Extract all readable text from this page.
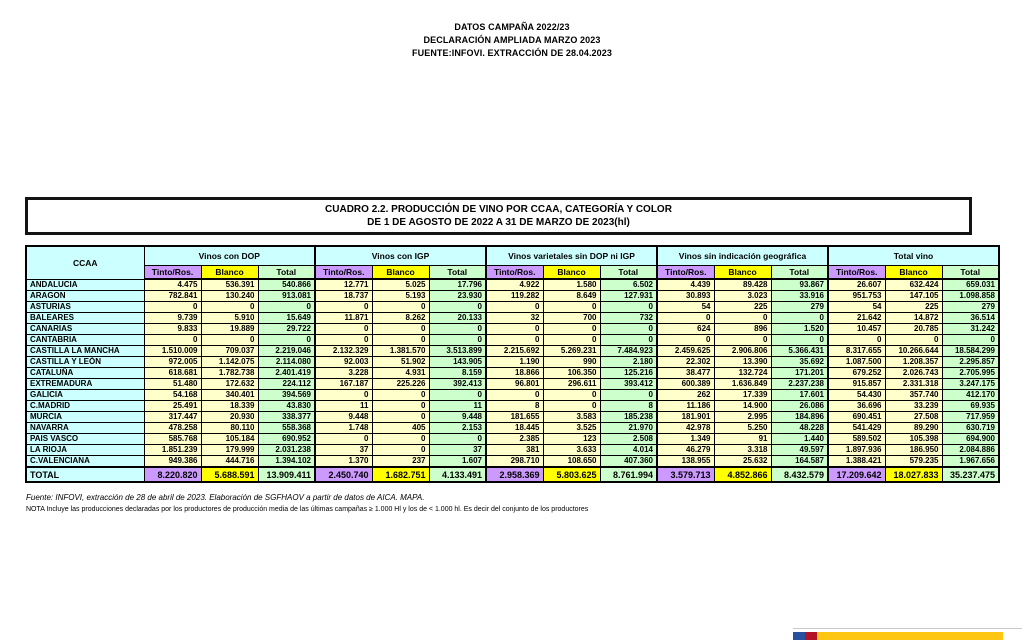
DATOS CAMPAÑA 2022/23
DECLARACIÓN AMPLIADA MARZO 2023
FUENTE:INFOVI. EXTRACCIÓN DE 28.04.2023
CUADRO 2.2. PRODUCCIÓN DE VINO POR CCAA, CATEGORÍA Y COLOR
DE 1 DE AGOSTO DE 2022 A 31 DE MARZO DE 2023(hl)
CCAA	Vinos con DOP			Vinos con IGP			Vinos varietales sin DOP ni IGP			Vinos sin indicación geográfica			Total vino		
	Tinto/Ros.	Blanco	Total	Tinto/Ros.	Blanco	Total	Tinto/Ros.	Blanco	Total	Tinto/Ros.	Blanco	Total	Tinto/Ros.	Blanco	Total
ANDALUCIA	4.475	536.391	540.866	12.771	5.025	17.796	4.922	1.580	6.502	4.439	89.428	93.867	26.607	632.424	659.031
ARAGON	782.841	130.240	913.081	18.737	5.193	23.930	119.282	8.649	127.931	30.893	3.023	33.916	951.753	147.105	1.098.858
ASTURIAS	0	0	0	0	0	0	0	0	0	54	225	279	54	225	279
BALEARES	9.739	5.910	15.649	11.871	8.262	20.133	32	700	732	0	0	0	21.642	14.872	36.514
CANARIAS	9.833	19.889	29.722	0	0	0	0	0	0	624	896	1.520	10.457	20.785	31.242
CANTABRIA	0	0	0	0	0	0	0	0	0	0	0	0	0	0	0
CASTILLA LA MANCHA	1.510.009	709.037	2.219.046	2.132.329	1.381.570	3.513.899	2.215.692	5.269.231	7.484.923	2.459.625	2.906.806	5.366.431	8.317.655	10.266.644	18.584.299
CASTILLA Y LEÓN	972.005	1.142.075	2.114.080	92.003	51.902	143.905	1.190	990	2.180	22.302	13.390	35.692	1.087.500	1.208.357	2.295.857
CATALUÑA	618.681	1.782.738	2.401.419	3.228	4.931	8.159	18.866	106.350	125.216	38.477	132.724	171.201	679.252	2.026.743	2.705.995
EXTREMADURA	51.480	172.632	224.112	167.187	225.226	392.413	96.801	296.611	393.412	600.389	1.636.849	2.237.238	915.857	2.331.318	3.247.175
GALICIA	54.168	340.401	394.569	0	0	0	0	0	0	262	17.339	17.601	54.430	357.740	412.170
C.MADRID	25.491	18.339	43.830	11	0	11	8	0	8	11.186	14.900	26.086	36.696	33.239	69.935
MURCIA	317.447	20.930	338.377	9.448	0	9.448	181.655	3.583	185.238	181.901	2.995	184.896	690.451	27.508	717.959
NAVARRA	478.258	80.110	558.368	1.748	405	2.153	18.445	3.525	21.970	42.978	5.250	48.228	541.429	89.290	630.719
PAIS VASCO	585.768	105.184	690.952	0	0	0	2.385	123	2.508	1.349	91	1.440	589.502	105.398	694.900
LA RIOJA	1.851.239	179.999	2.031.238	37	0	37	381	3.633	4.014	46.279	3.318	49.597	1.897.936	186.950	2.084.886
C.VALENCIANA	949.386	444.716	1.394.102	1.370	237	1.607	298.710	108.650	407.360	138.955	25.632	164.587	1.388.421	579.235	1.967.656
TOTAL	8.220.820	5.688.591	13.909.411	2.450.740	1.682.751	4.133.491	2.958.369	5.803.625	8.761.994	3.579.713	4.852.866	8.432.579	17.209.642	18.027.833	35.237.475
Fuente: INFOVI, extracción de 28 de abril de 2023. Elaboración de SGFHAOV a partir de datos de AICA. MAPA.
NOTA Incluye las producciones declaradas por los productores de producción media de las últimas campañas ≥ 1.000 Hl y los de < 1.000 hl. Es decir del conjunto de los productores
